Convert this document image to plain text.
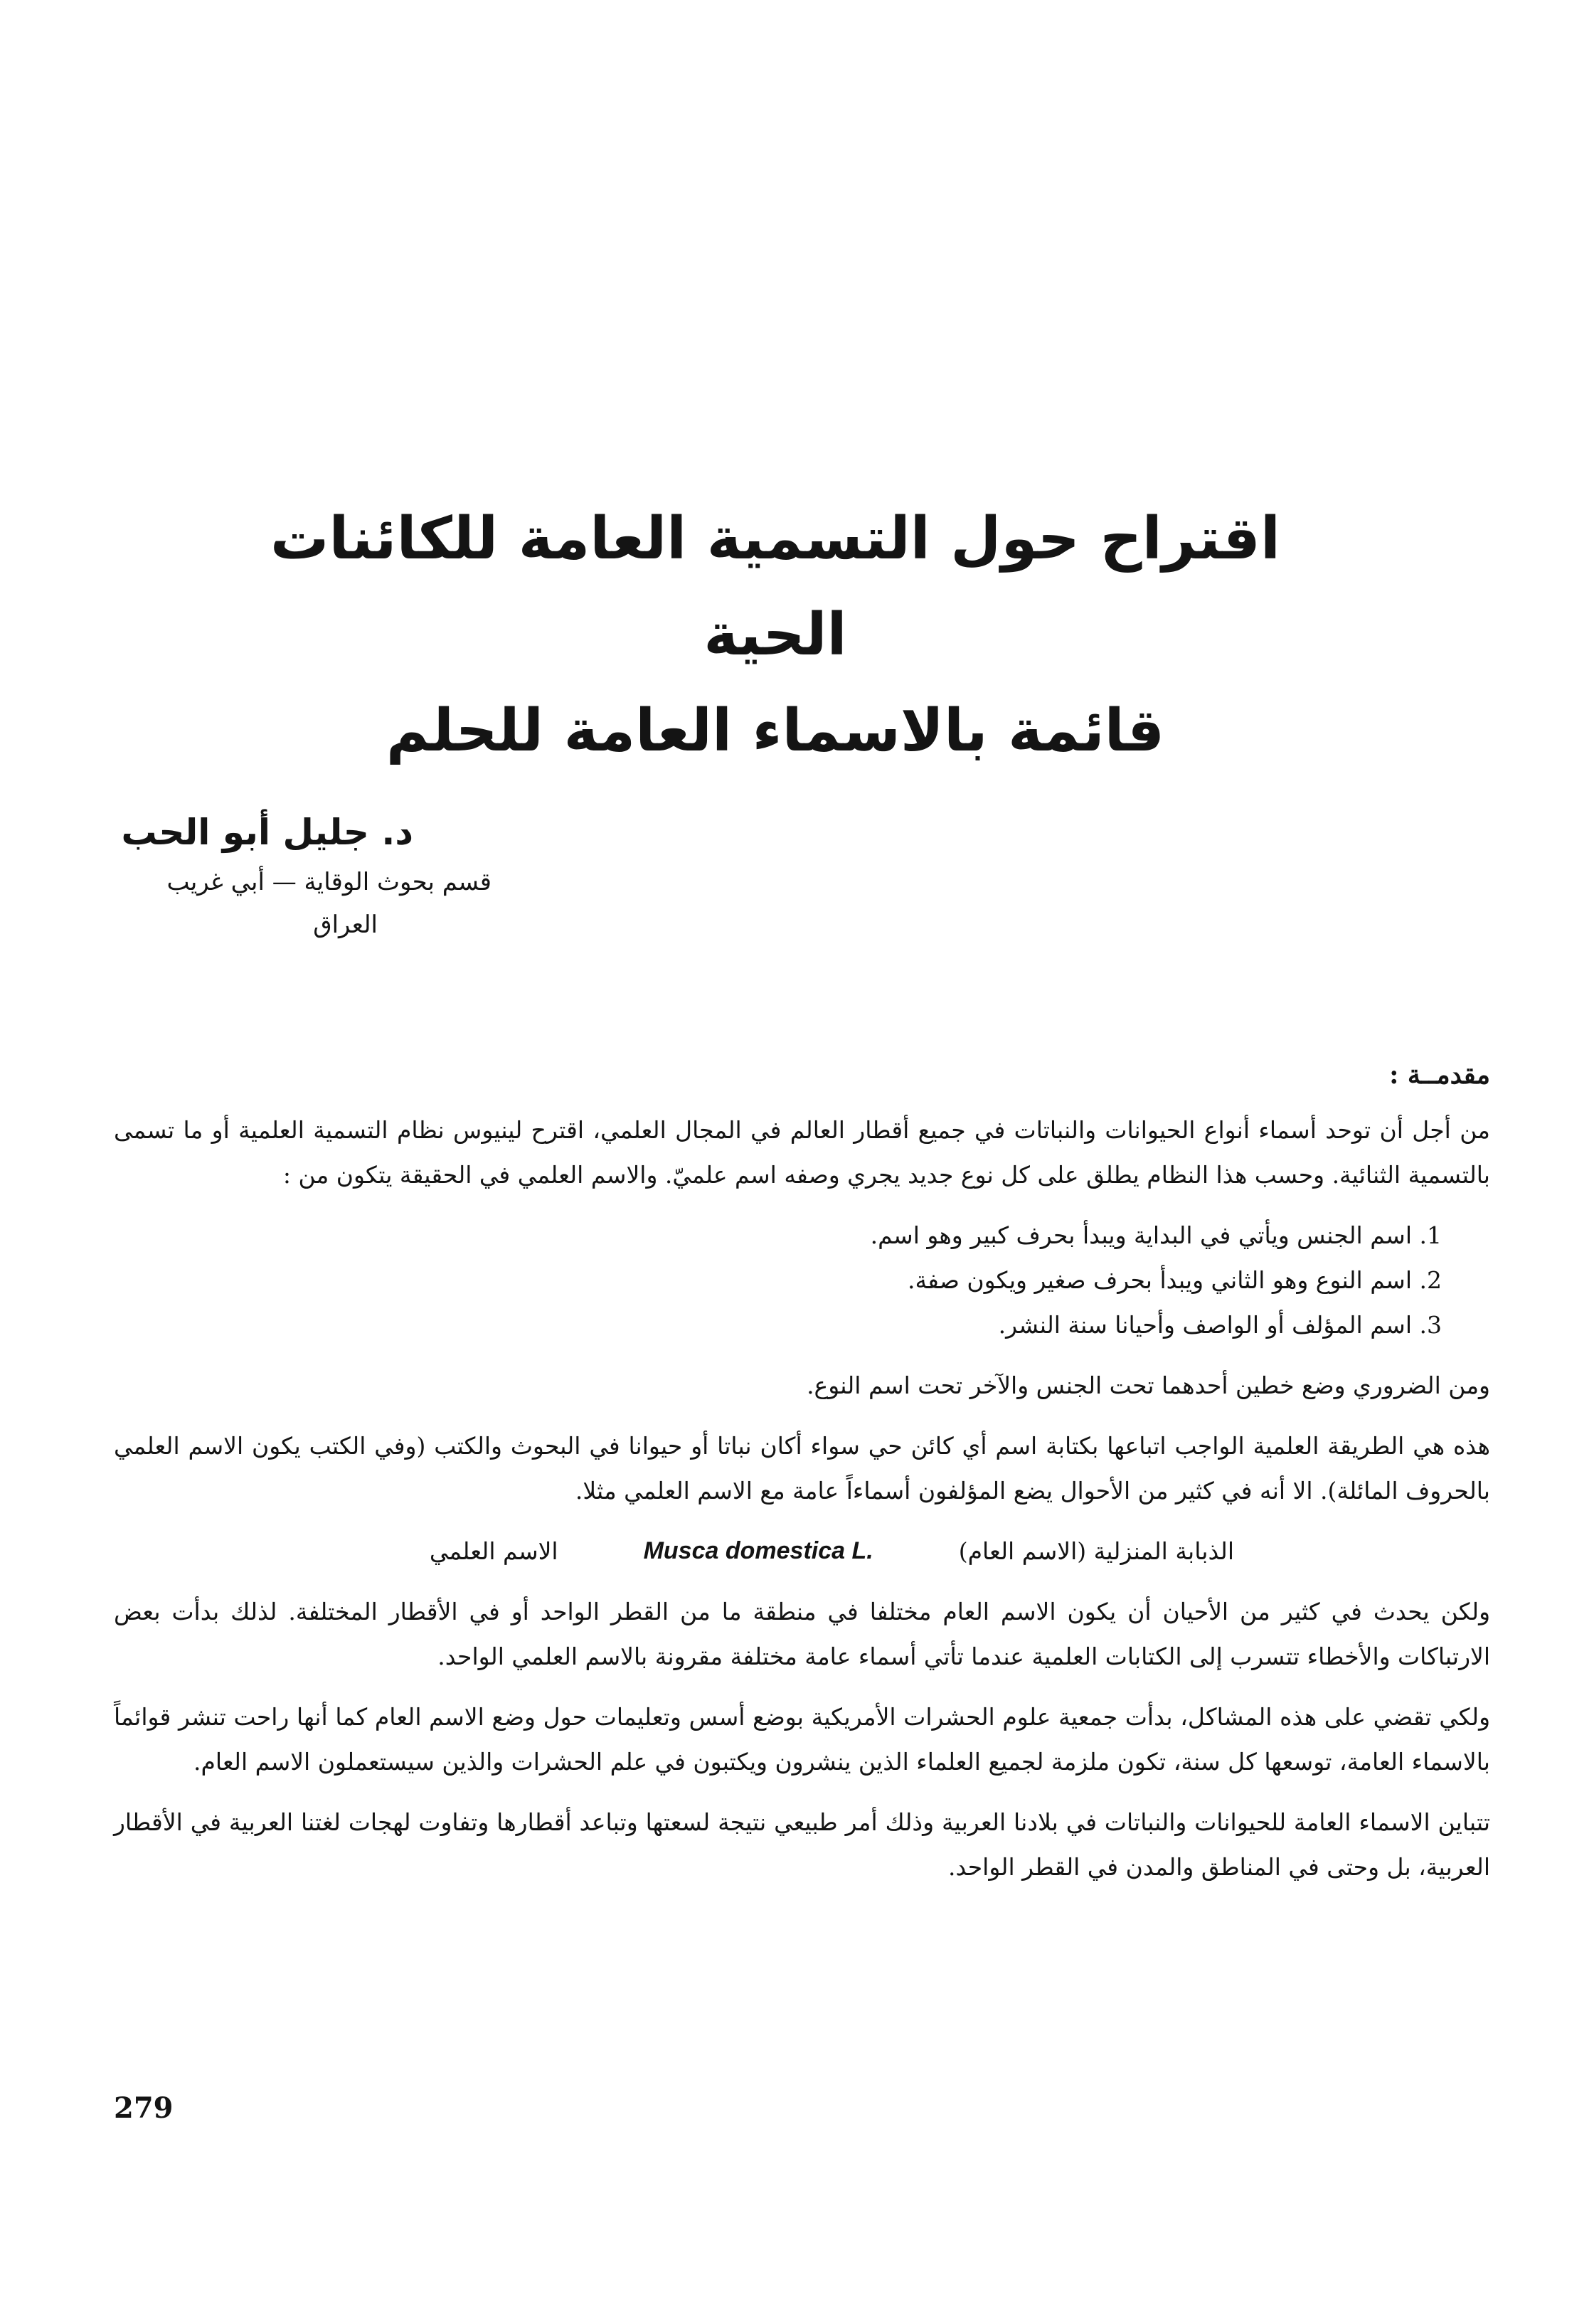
اقتراح حول التسمية العامة للكائنات الحية
قائمة بالاسماء العامة للحلم
د. جليل أبو الحب
قسم بحوث الوقاية — أبي غريب
العراق
مقدمــة :

من أجل أن توحد أسماء أنواع الحيوانات والنباتات في جميع أقطار العالم في المجال العلمي، اقترح لينيوس نظام التسمية العلمية أو ما تسمى بالتسمية الثنائية. وحسب هذا النظام يطلق على كل نوع جديد يجري وصفه اسم علميّ. والاسم العلمي في الحقيقة يتكون من :

1. اسم الجنس ويأتي في البداية ويبدأ بحرف كبير وهو اسم.
2. اسم النوع وهو الثاني ويبدأ بحرف صغير ويكون صفة.
3. اسم المؤلف أو الواصف وأحيانا سنة النشر.

ومن الضروري وضع خطين أحدهما تحت الجنس والآخر تحت اسم النوع.

هذه هي الطريقة العلمية الواجب اتباعها بكتابة اسم أي كائن حي سواء أكان نباتا أو حيوانا في البحوث والكتب (وفي الكتب يكون الاسم العلمي بالحروف المائلة). الا أنه في كثير من الأحوال يضع المؤلفون أسماءاً عامة مع الاسم العلمي مثلا.

الذبابة المنزلية (الاسم العام)
Musca domestica L.
الاسم العلمي

ولكن يحدث في كثير من الأحيان أن يكون الاسم العام مختلفا في منطقة ما من القطر الواحد أو في الأقطار المختلفة. لذلك بدأت بعض الارتباكات والأخطاء تتسرب إلى الكتابات العلمية عندما تأتي أسماء عامة مختلفة مقرونة بالاسم العلمي الواحد.

ولكي تقضي على هذه المشاكل، بدأت جمعية علوم الحشرات الأمريكية بوضع أسس وتعليمات حول وضع الاسم العام كما أنها راحت تنشر قوائماً بالاسماء العامة، توسعها كل سنة، تكون ملزمة لجميع العلماء الذين ينشرون ويكتبون في علم الحشرات والذين سيستعملون الاسم العام.

تتباين الاسماء العامة للحيوانات والنباتات في بلادنا العربية وذلك أمر طبيعي نتيجة لسعتها وتباعد أقطارها وتفاوت لهجات لغتنا العربية في الأقطار العربية، بل وحتى في المناطق والمدن في القطر الواحد.

279
